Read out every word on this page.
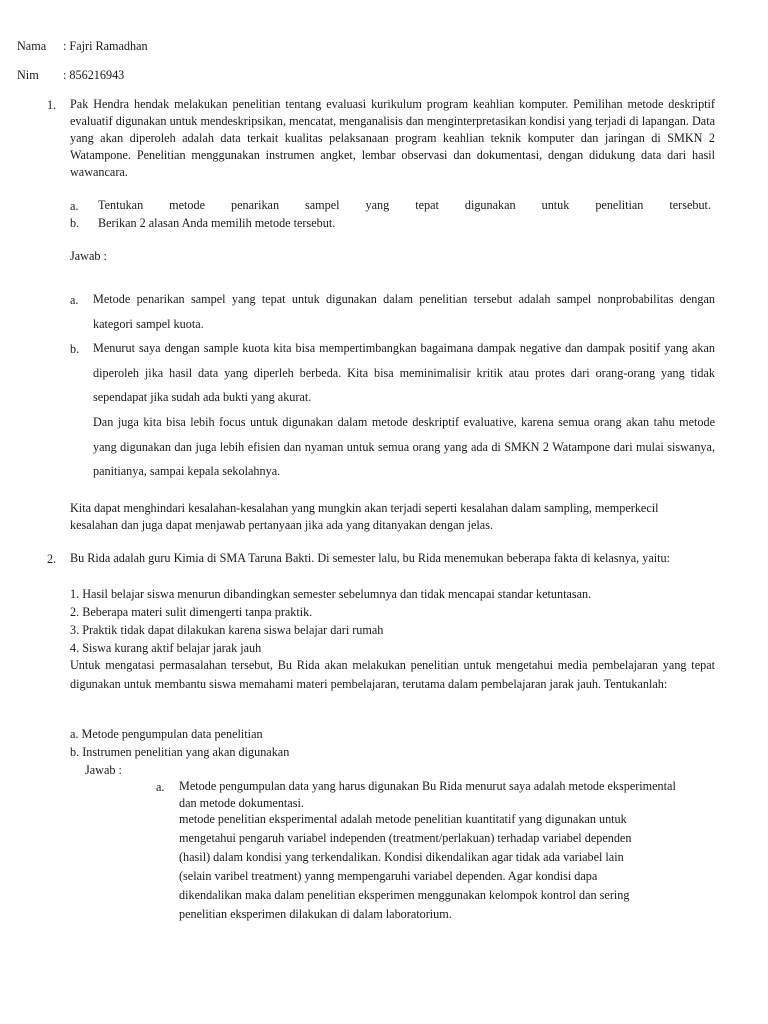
Nama : Fajri Ramadhan
Nim : 856216943
1. Pak Hendra hendak melakukan penelitian tentang evaluasi kurikulum program keahlian komputer. Pemilihan metode deskriptif evaluatif digunakan untuk mendeskripsikan, mencatat, menganalisis dan menginterpretasikan kondisi yang terjadi di lapangan. Data yang akan diperoleh adalah data terkait kualitas pelaksanaan program keahlian teknik komputer dan jaringan di SMKN 2 Watampone. Penelitian menggunakan instrumen angket, lembar observasi dan dokumentasi, dengan didukung data dari hasil wawancara.
a. Tentukan metode penarikan sampel yang tepat digunakan untuk penelitian tersebut.
b. Berikan 2 alasan Anda memilih metode tersebut.
Jawab :
a. Metode penarikan sampel yang tepat untuk digunakan dalam penelitian tersebut adalah sampel nonprobabilitas dengan kategori sampel kuota.
b. Menurut saya dengan sample kuota kita bisa mempertimbangkan bagaimana dampak negative dan dampak positif yang akan diperoleh jika hasil data yang diperleh berbeda. Kita bisa meminimalisir kritik atau protes dari orang-orang yang tidak sependapat jika sudah ada bukti yang akurat.
Dan juga kita bisa lebih focus untuk digunakan dalam metode deskriptif evaluative, karena semua orang akan tahu metode yang digunakan dan juga lebih efisien dan nyaman untuk semua orang yang ada di SMKN 2 Watampone dari mulai siswanya, panitianya, sampai kepala sekolahnya.
Kita dapat menghindari kesalahan-kesalahan yang mungkin akan terjadi seperti kesalahan dalam sampling, memperkecil kesalahan dan juga dapat menjawab pertanyaan jika ada yang ditanyakan dengan jelas.
2. Bu Rida adalah guru Kimia di SMA Taruna Bakti. Di semester lalu, bu Rida menemukan beberapa fakta di kelasnya, yaitu:
1. Hasil belajar siswa menurun dibandingkan semester sebelumnya dan tidak mencapai standar ketuntasan.
2. Beberapa materi sulit dimengerti tanpa praktik.
3. Praktik tidak dapat dilakukan karena siswa belajar dari rumah
4. Siswa kurang aktif belajar jarak jauh
Untuk mengatasi permasalahan tersebut, Bu Rida akan melakukan penelitian untuk mengetahui media pembelajaran yang tepat digunakan untuk membantu siswa memahami materi pembelajaran, terutama dalam pembelajaran jarak jauh. Tentukanlah:
a. Metode pengumpulan data penelitian
b. Instrumen penelitian yang akan digunakan
Jawab :
a. Metode pengumpulan data yang harus digunakan Bu Rida menurut saya adalah metode eksperimental dan metode dokumentasi.
metode penelitian eksperimental adalah metode penelitian kuantitatif yang digunakan untuk
mengetahui pengaruh variabel independen (treatment/perlakuan) terhadap variabel dependen
(hasil) dalam kondisi yang terkendalikan. Kondisi dikendalikan agar tidak ada variabel lain
(selain varibel treatment) yanng mempengaruhi variabel dependen. Agar kondisi dapa
dikendalikan maka dalam penelitian eksperimen menggunakan kelompok kontrol dan sering
penelitian eksperimen dilakukan di dalam laboratorium.
